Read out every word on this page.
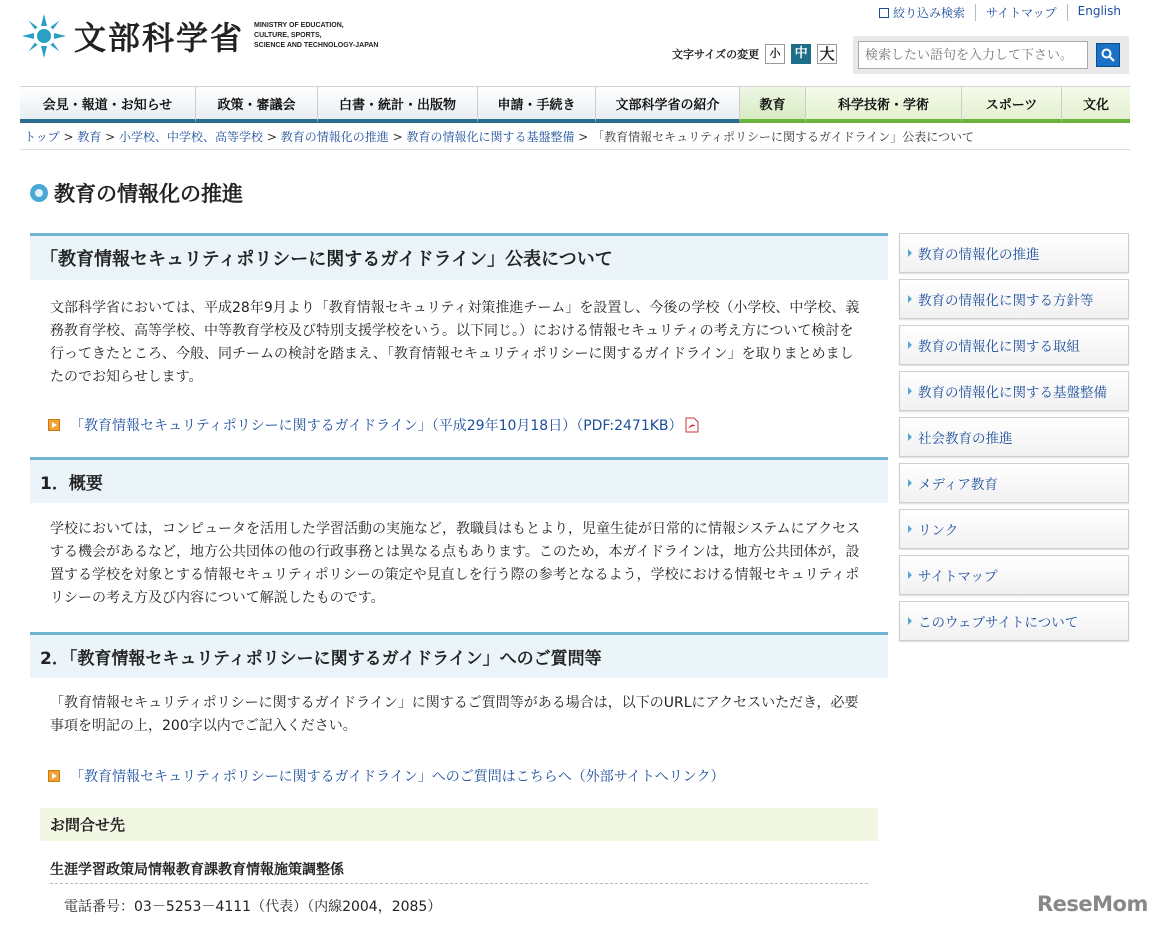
文部科学省 MINISTRY OF EDUCATION,
CULTURE, SPORTS,
SCIENCE AND TECHNOLOGY-JAPAN
絞り込み検索	サイトマップ	English
文字サイズの変更 小	中 大
検索したい語句を入力して下さい。
会見・報道・お知らせ	政策・審議会	白書・統計・出版物	申請・手続き	文部科学省の紹介	教育	科学技術・学術	スポーツ	文化
トップ > 教育 > 小学校、中学校、高等学校 > 教育の情報化の推進 > 教育の情報化に関する基盤整備 > 「教育情報セキュリティポリシーに関するガイドライン」公表について
教育の情報化の推進
「教育情報セキュリティポリシーに関するガイドライン」公表について
文部科学省においては、平成28年9月より「教育情報セキュリティ対策推進チーム」を設置し、今後の学校（小学校、中学校、義務教育学校、高等学校、中等教育学校及び特別支援学校をいう。以下同じ。）における情報セキュリティの考え方について検討を行ってきたところ、今般、同チームの検討を踏まえ、「教育情報セキュリティポリシーに関するガイドライン」を取りまとめましたのでお知らせします。
「教育情報セキュリティポリシーに関するガイドライン」（平成29年10月18日）（PDF:2471KB）
1．概要
学校においては，コンピュータを活用した学習活動の実施など，教職員はもとより，児童生徒が日常的に情報システムにアクセスする機会があるなど，地方公共団体の他の行政事務とは異なる点もあります。このため，本ガイドラインは，地方公共団体が，設置する学校を対象とする情報セキュリティポリシーの策定や見直しを行う際の参考となるよう，学校における情報セキュリティポリシーの考え方及び内容について解説したものです。
2．「教育情報セキュリティポリシーに関するガイドライン」へのご質問等
「教育情報セキュリティポリシーに関するガイドライン」に関するご質問等がある場合は，以下のURLにアクセスいただき，必要事項を明記の上，200字以内でご記入ください。
「教育情報セキュリティポリシーに関するガイドライン」へのご質問はこちらへ（外部サイトへリンク）
お問合せ先
生涯学習政策局情報教育課教育情報施策調整係
電話番号：03－5253－4111（代表）（内線2004，2085）
教育の情報化の推進
教育の情報化に関する方針等
教育の情報化に関する取組
教育の情報化に関する基盤整備
社会教育の推進
メディア教育
リンク
サイトマップ
このウェブサイトについて
ReseMom
